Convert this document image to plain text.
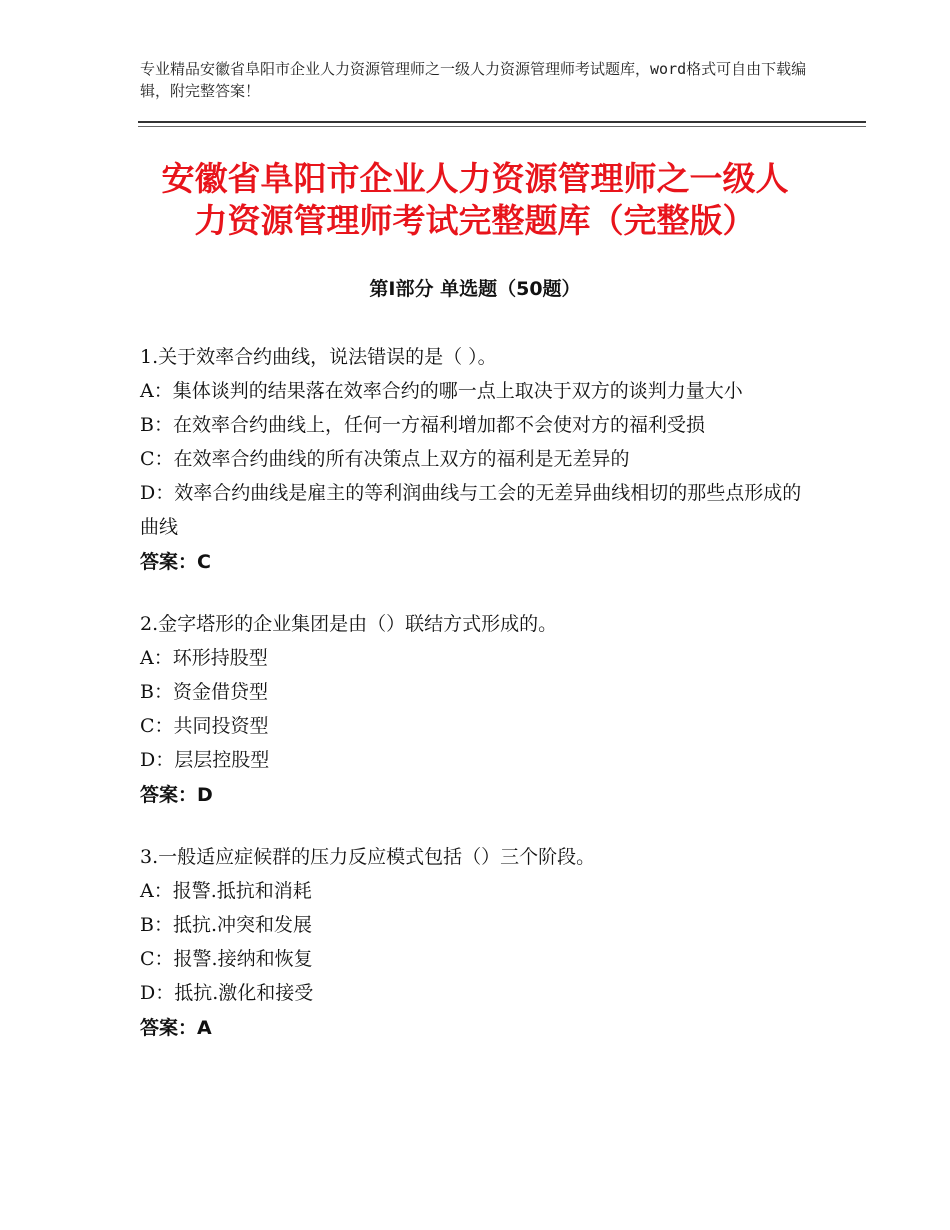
专业精品安徽省阜阳市企业人力资源管理师之一级人力资源管理师考试题库，word格式可自由下载编辑，附完整答案！
安徽省阜阳市企业人力资源管理师之一级人
力资源管理师考试完整题库（完整版）
第Ⅰ部分 单选题（50题）
1.关于效率合约曲线，说法错误的是（ ）。
A：集体谈判的结果落在效率合约的哪一点上取决于双方的谈判力量大小
B：在效率合约曲线上，任何一方福利增加都不会使对方的福利受损
C：在效率合约曲线的所有决策点上双方的福利是无差异的
D：效率合约曲线是雇主的等利润曲线与工会的无差异曲线相切的那些点形成的曲线
答案：C
2.金字塔形的企业集团是由（）联结方式形成的。
A：环形持股型
B：资金借贷型
C：共同投资型
D：层层控股型
答案：D
3.一般适应症候群的压力反应模式包括（）三个阶段。
A：报警.抵抗和消耗
B：抵抗.冲突和发展
C：报警.接纳和恢复
D：抵抗.激化和接受
答案：A
